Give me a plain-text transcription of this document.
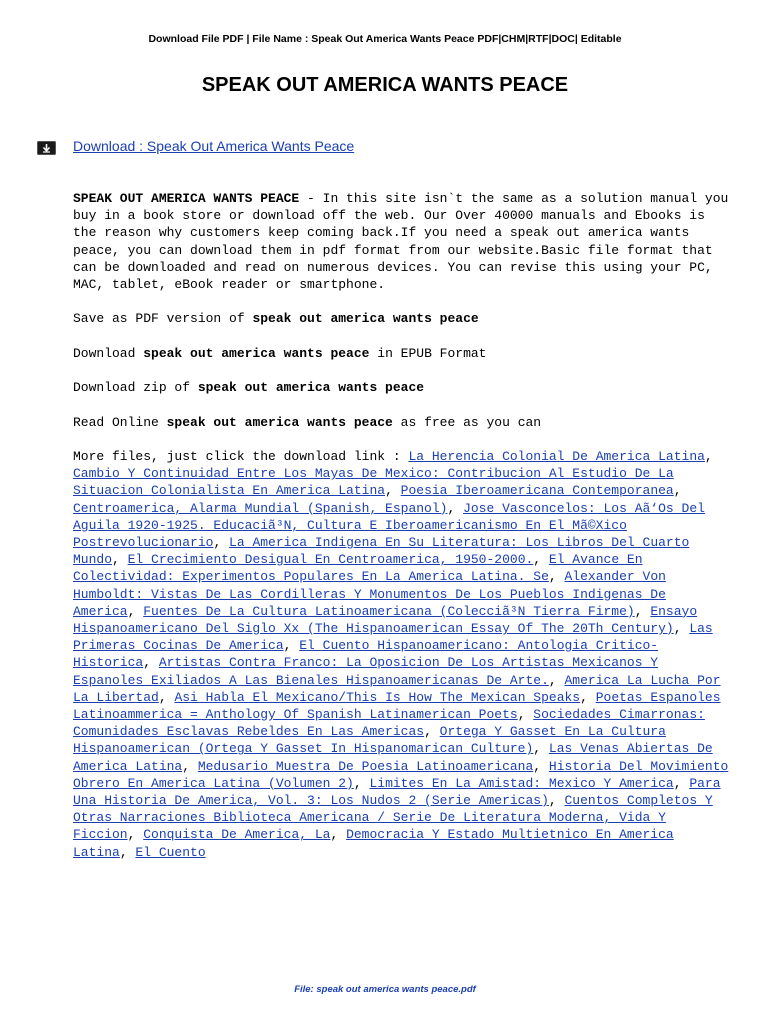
Download File PDF | File Name : Speak Out America Wants Peace PDF|CHM|RTF|DOC| Editable
SPEAK OUT AMERICA WANTS PEACE
Download : Speak Out America Wants Peace

SPEAK OUT AMERICA WANTS PEACE - In this site isn`t the same as a solution manual you buy in a book store or download off the web. Our Over 40000 manuals and Ebooks is the reason why customers keep coming back.If you need a speak out america wants peace, you can download them in pdf format from our website.Basic file format that can be downloaded and read on numerous devices. You can revise this using your PC, MAC, tablet, eBook reader or smartphone.

Save as PDF version of speak out america wants peace

Download speak out america wants peace in EPUB Format

Download zip of speak out america wants peace

Read Online speak out america wants peace as free as you can

More files, just click the download link : La Herencia Colonial De America Latina, Cambio Y Continuidad Entre Los Mayas De Mexico: Contribucion Al Estudio De La Situacion Colonialista En America Latina, Poesia Iberoamericana Contemporanea, Centroamerica, Alarma Mundial (Spanish, Espanol), Jose Vasconcelos: Los Aã‘Os Del Aguila 1920-1925. Educaciã³N, Cultura E Iberoamericanismo En El Mã©Xico Postrevolucionario, La America Indigena En Su Literatura: Los Libros Del Cuarto Mundo, El Crecimiento Desigual En Centroamerica, 1950-2000., El Avance En Colectividad: Experimentos Populares En La America Latina. Se, Alexander Von Humboldt: Vistas De Las Cordilleras Y Monumentos De Los Pueblos Indigenas De America, Fuentes De La Cultura Latinoamericana (Colecciã³N Tierra Firme), Ensayo Hispanoamericano Del Siglo Xx (The Hispanoamerican Essay Of The 20Th Century), Las Primeras Cocinas De America, El Cuento Hispanoamericano: Antologia Critico-Historica, Artistas Contra Franco: La Oposicion De Los Artistas Mexicanos Y Espanoles Exiliados A Las Bienales Hispanoamericanas De Arte., America La Lucha Por La Libertad, Asi Habla El Mexicano/This Is How The Mexican Speaks, Poetas Espanoles Latinoammerica = Anthology Of Spanish Latinamerican Poets, Sociedades Cimarronas: Comunidades Esclavas Rebeldes En Las Americas, Ortega Y Gasset En La Cultura Hispanoamerican (Ortega Y Gasset In Hispanomarican Culture), Las Venas Abiertas De America Latina, Medusario Muestra De Poesia Latinoamericana, Historia Del Movimiento Obrero En America Latina (Volumen 2), Limites En La Amistad: Mexico Y America, Para Una Historia De America, Vol. 3: Los Nudos 2 (Serie Americas), Cuentos Completos Y Otras Narraciones Biblioteca Americana / Serie De Literatura Moderna, Vida Y Ficcion, Conquista De America, La, Democracia Y Estado Multietnico En America Latina, El Cuento

File: speak out america wants peace.pdf
